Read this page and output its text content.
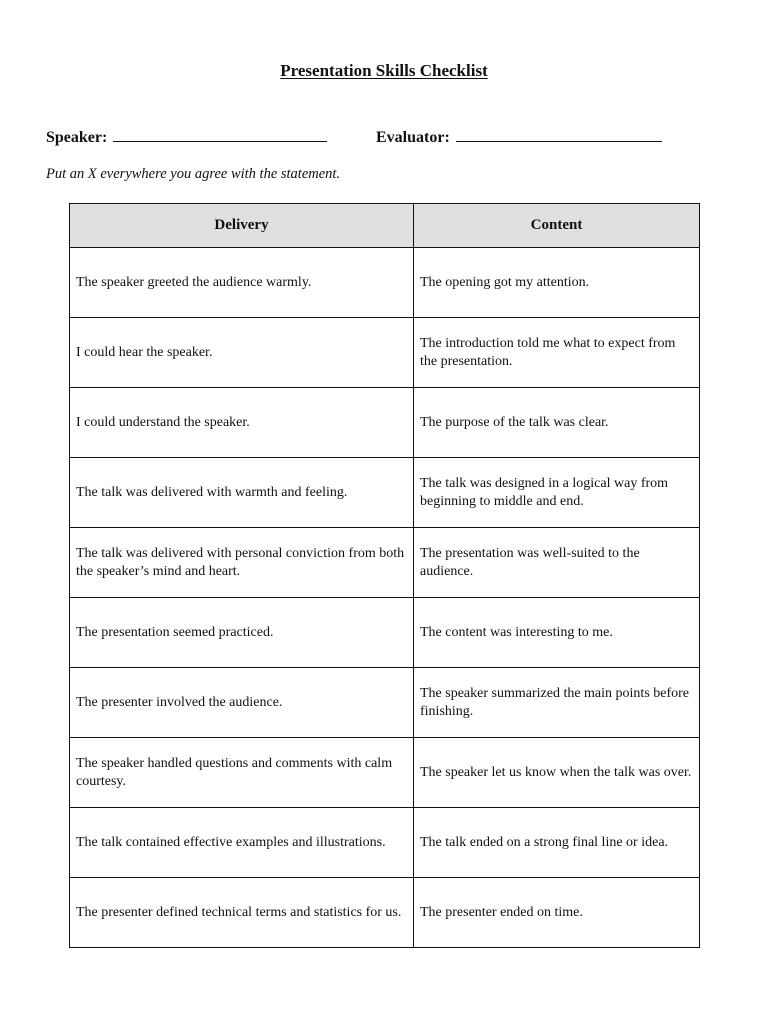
Presentation Skills Checklist
Speaker:	Evaluator:
Put an X everywhere you agree with the statement.
Delivery	Content
The speaker greeted the audience warmly.	The opening got my attention.
I could hear the speaker.	The introduction told me what to expect from the presentation.
I could understand the speaker.	The purpose of the talk was clear.
The talk was delivered with warmth and feeling.	The talk was designed in a logical way from beginning to middle and end.
The talk was delivered with personal conviction from both the speaker’s mind and heart.	The presentation was well-suited to the audience.
The presentation seemed practiced.	The content was interesting to me.
The presenter involved the audience.	The speaker summarized the main points before finishing.
The speaker handled questions and comments with calm courtesy.	The speaker let us know when the talk was over.
The talk contained effective examples and illustrations.	The talk ended on a strong final line or idea.
The presenter defined technical terms and statistics for us.	The presenter ended on time.
